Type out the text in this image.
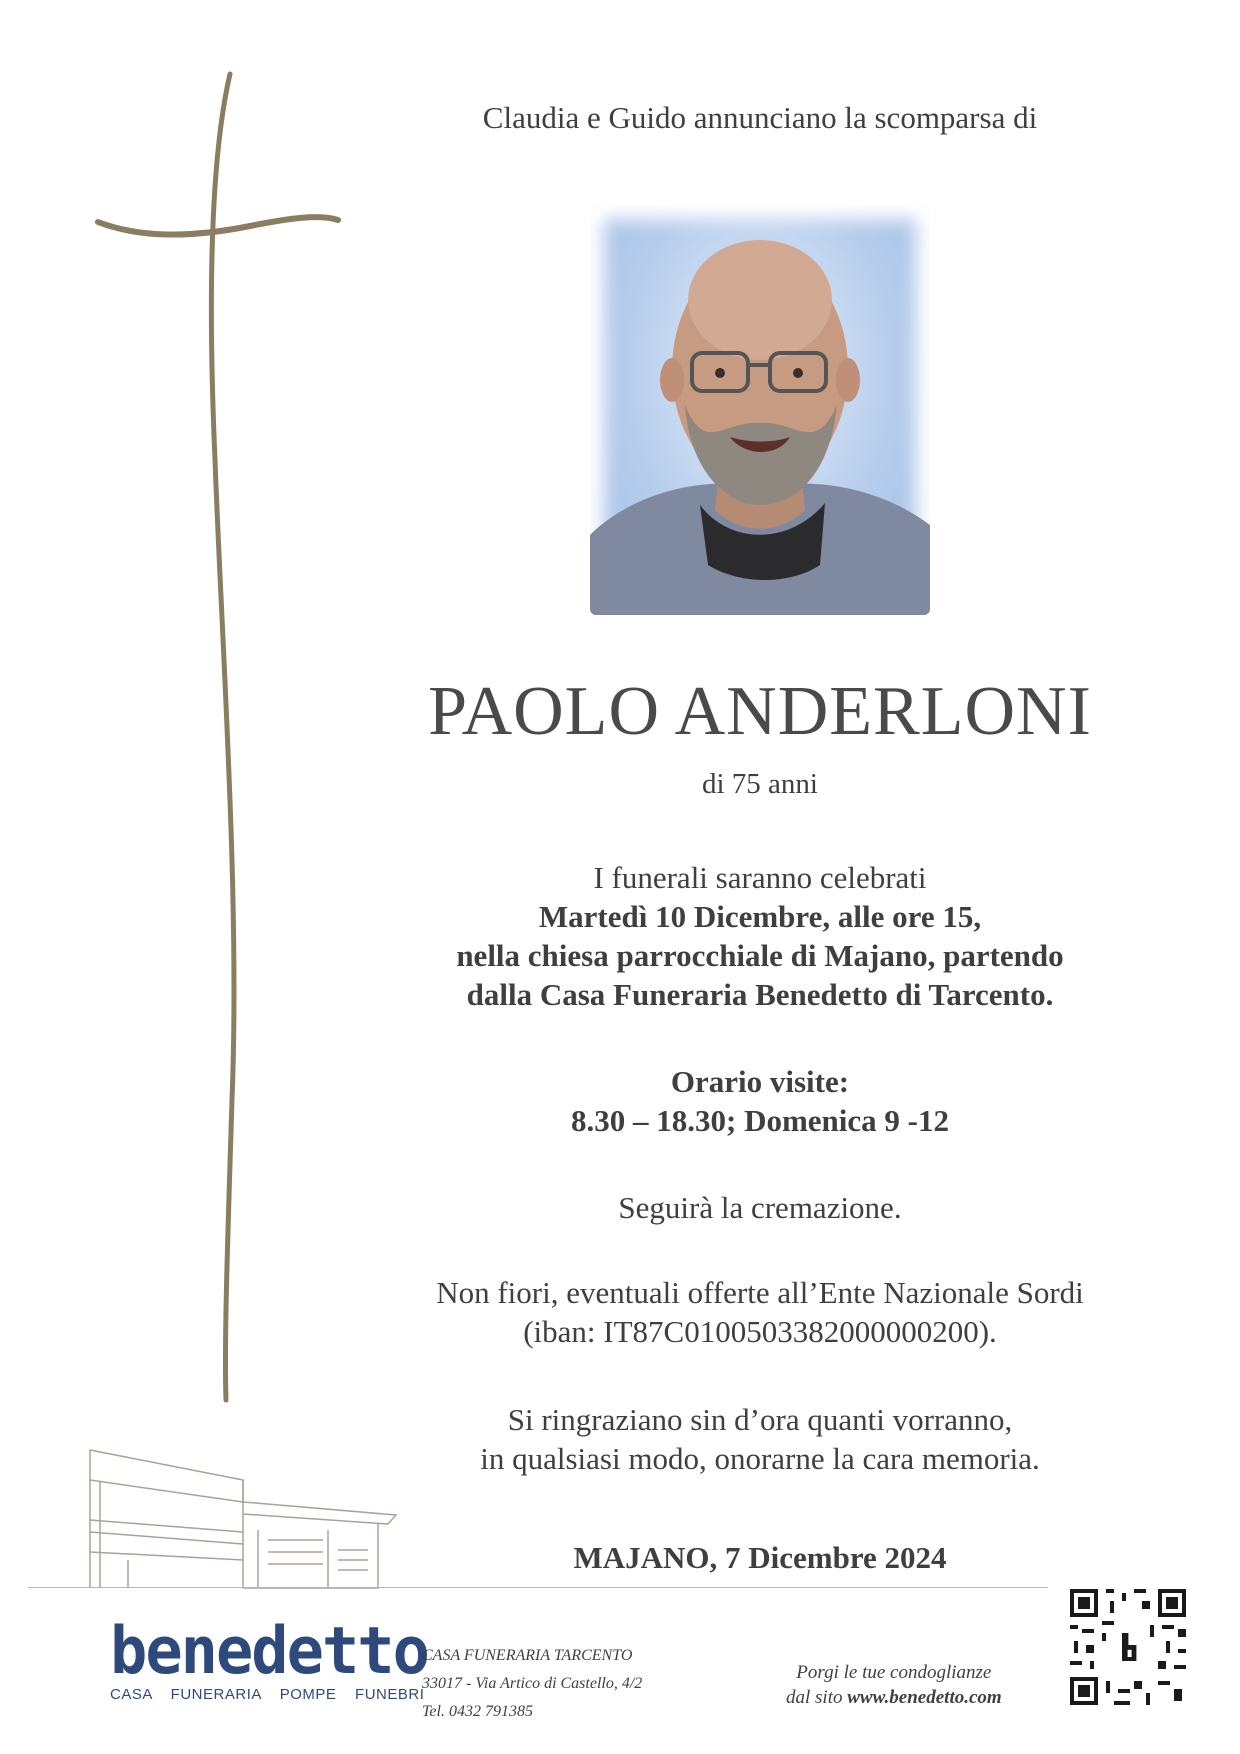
Claudia e Guido annunciano la scomparsa di
PAOLO ANDERLONI
di 75 anni
I funerali saranno celebrati
Martedì 10 Dicembre, alle ore 15,
nella chiesa parrocchiale di Majano, partendo
dalla Casa Funeraria Benedetto di Tarcento.
Orario visite:
8.30 – 18.30; Domenica 9 -12
Seguirà la cremazione.
Non fiori, eventuali offerte all’Ente Nazionale Sordi
(iban: IT87C0100503382000000200).
Si ringraziano sin d’ora quanti vorranno,
in qualsiasi modo, onorarne la cara memoria.
MAJANO, 7 Dicembre 2024
benedetto
CASA FUNERARIA POMPE FUNEBRI
CASA FUNERARIA TARCENTO
33017 - Via Artico di Castello, 4/2
Tel. 0432 791385
Porgi le tue condoglianze
dal sito www.benedetto.com
